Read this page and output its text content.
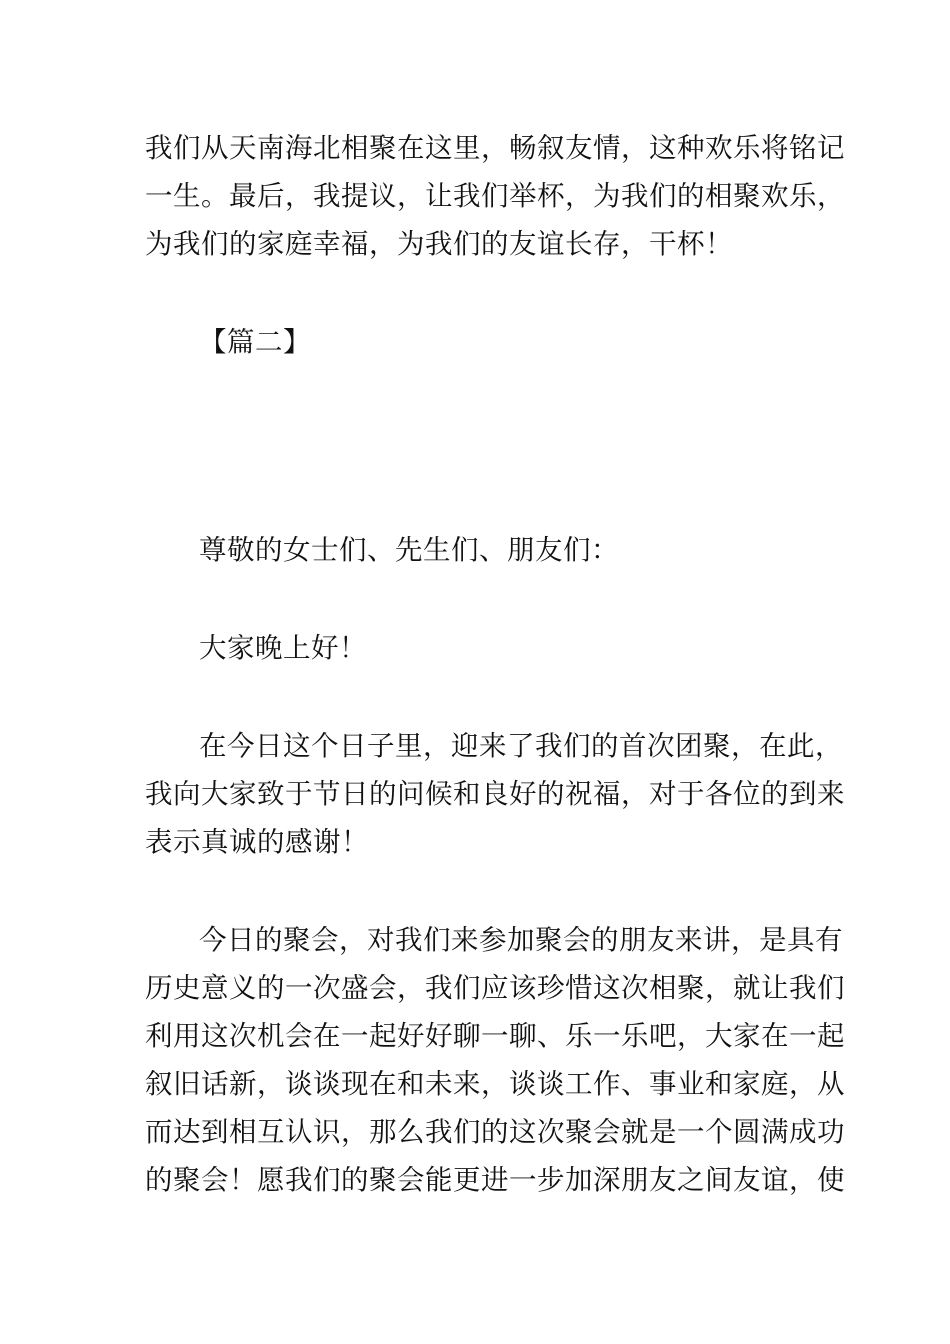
我们从天南海北相聚在这里，畅叙友情，这种欢乐将铭记
一生。最后，我提议，让我们举杯，为我们的相聚欢乐，
为我们的家庭幸福，为我们的友谊长存，干杯！
【篇二】
尊敬的女士们、先生们、朋友们：
大家晚上好！
在今日这个日子里，迎来了我们的首次团聚，在此，
我向大家致于节日的问候和良好的祝福，对于各位的到来
表示真诚的感谢！
今日的聚会，对我们来参加聚会的朋友来讲，是具有
历史意义的一次盛会，我们应该珍惜这次相聚，就让我们
利用这次机会在一起好好聊一聊、乐一乐吧，大家在一起
叙旧话新，谈谈现在和未来，谈谈工作、事业和家庭，从
而达到相互认识，那么我们的这次聚会就是一个圆满成功
的聚会！愿我们的聚会能更进一步加深朋友之间友谊，使
